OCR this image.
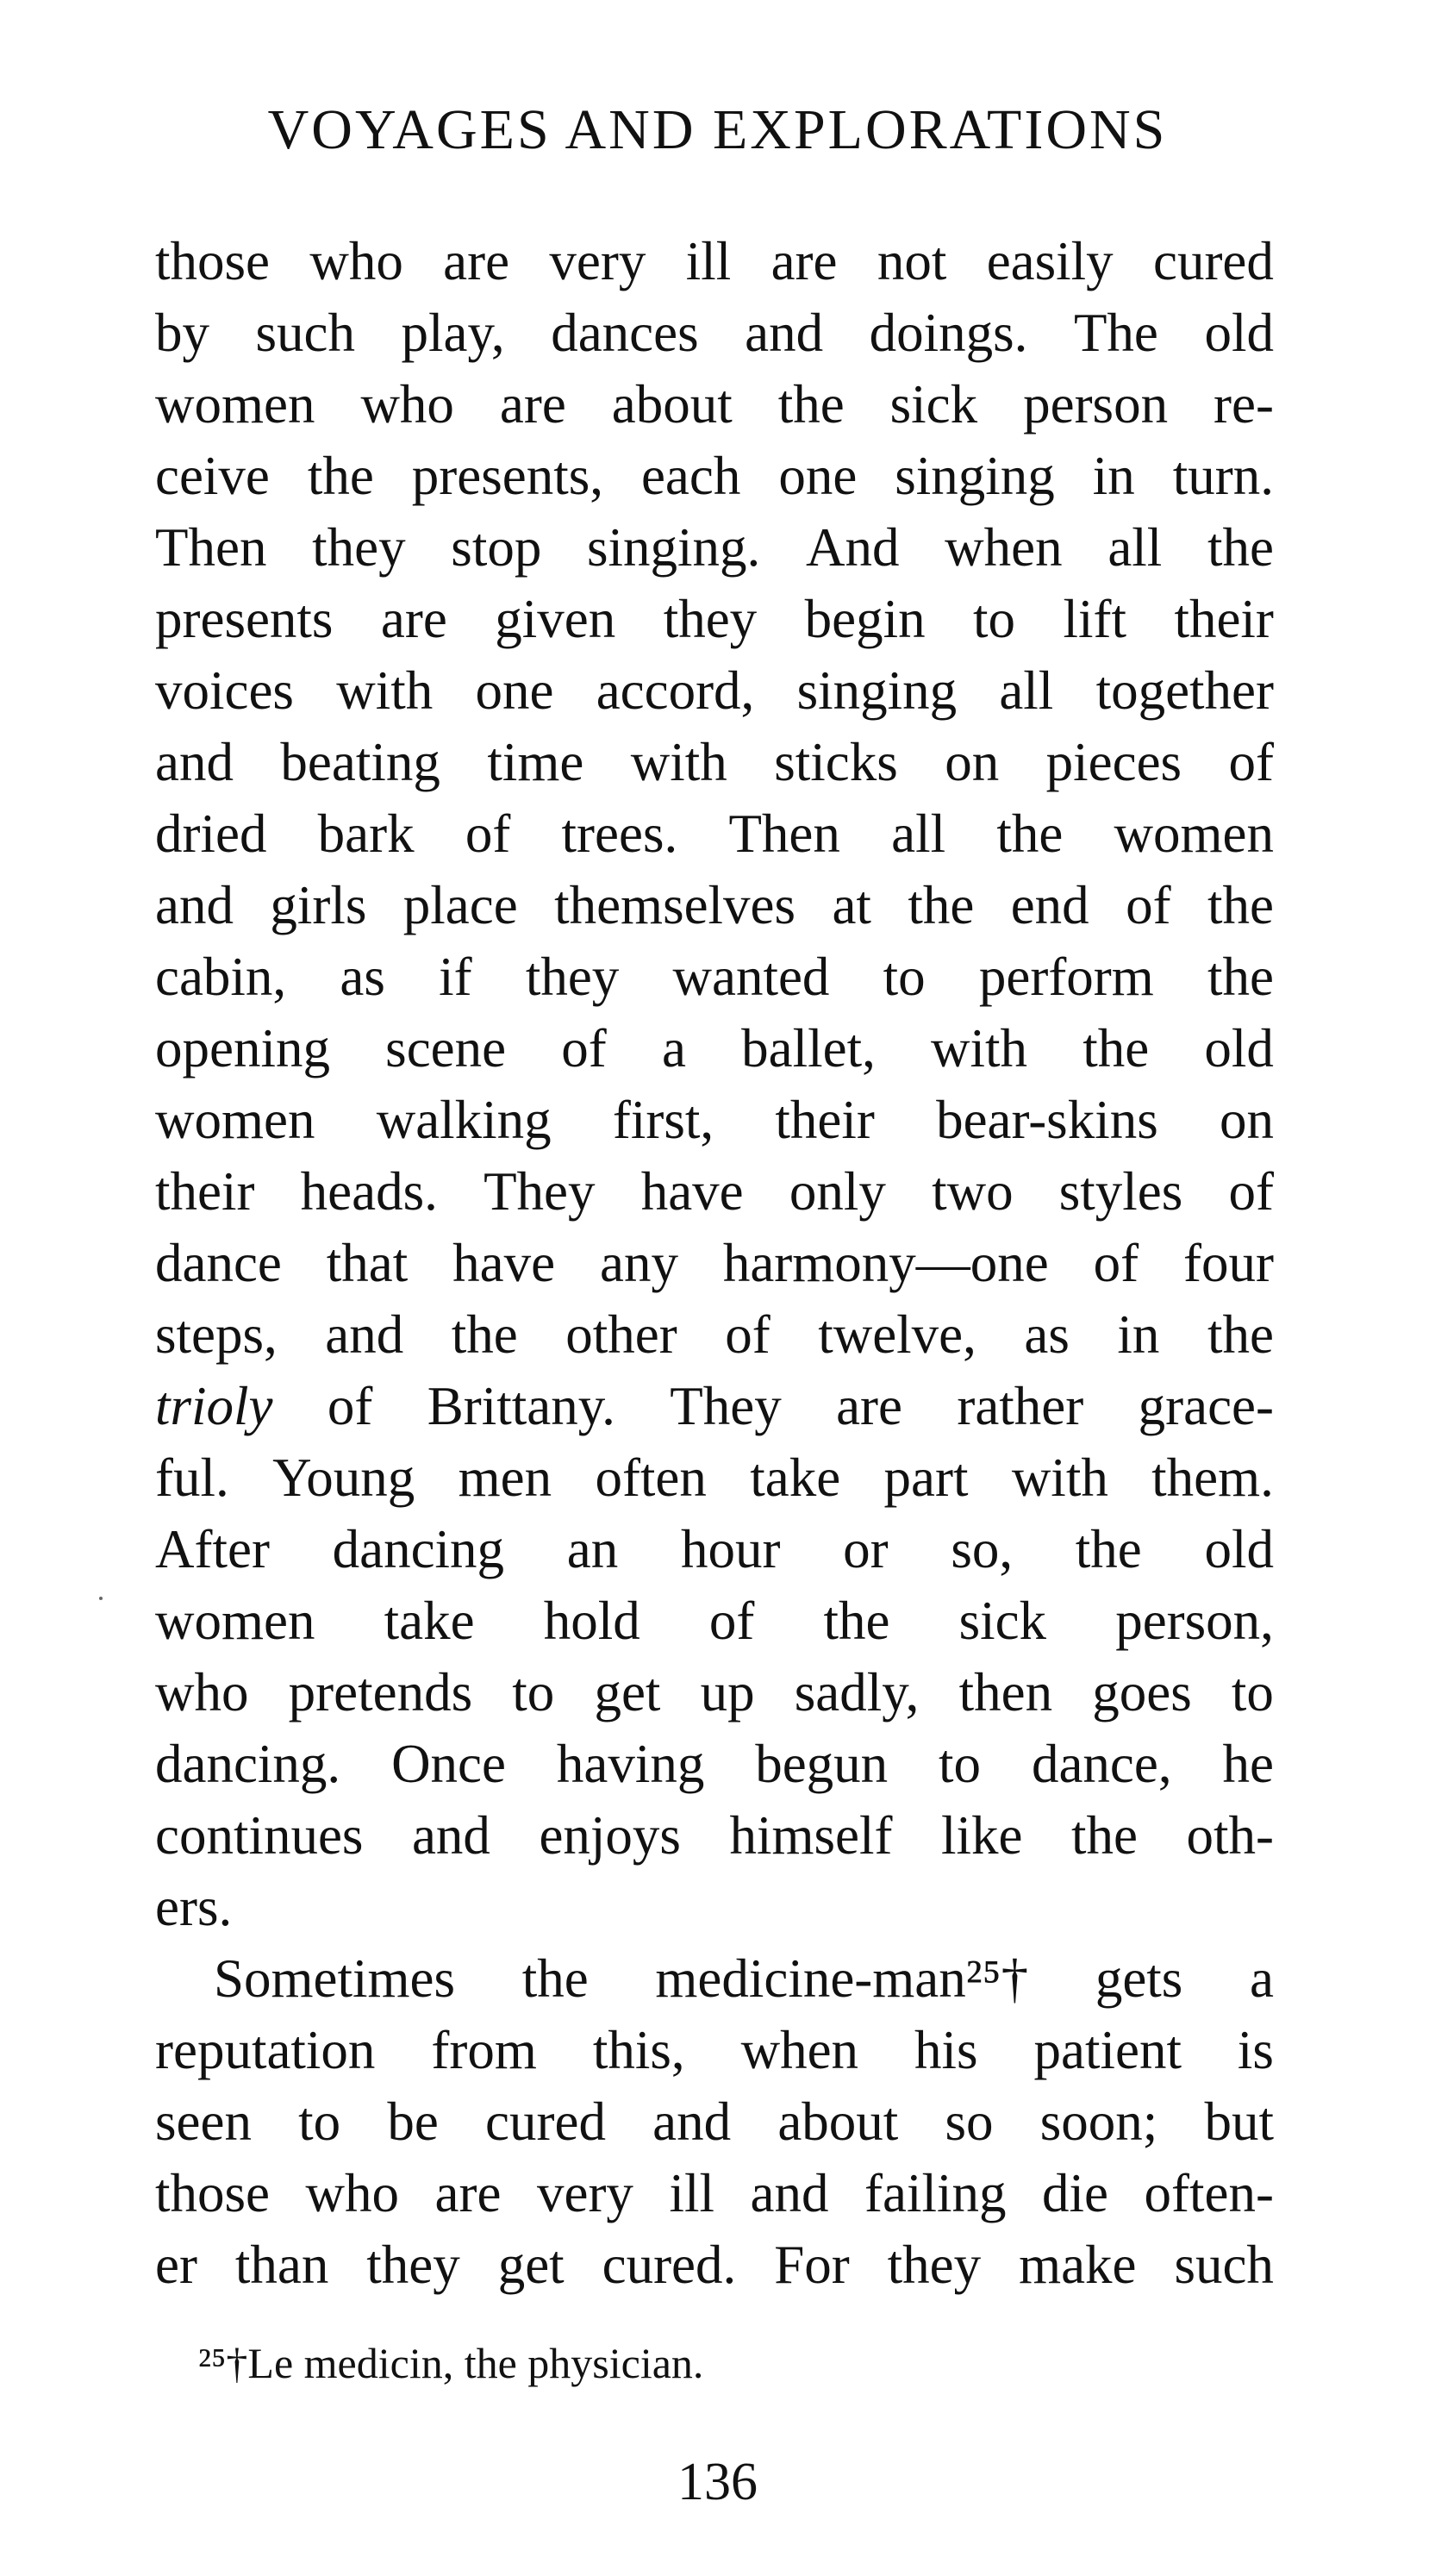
VOYAGES AND EXPLORATIONS
those who are very ill are not easily cured
by such play, dances and doings. The old
women who are about the sick person re-
ceive the presents, each one singing in turn.
Then they stop singing. And when all the
presents are given they begin to lift their
voices with one accord, singing all together
and beating time with sticks on pieces of
dried bark of trees. Then all the women
and girls place themselves at the end of the
cabin, as if they wanted to perform the
opening scene of a ballet, with the old
women walking first, their bear-skins on
their heads. They have only two styles of
dance that have any harmony—one of four
steps, and the other of twelve, as in the
trioly of Brittany. They are rather grace-
ful. Young men often take part with them.
After dancing an hour or so, the old
women take hold of the sick person,
who pretends to get up sadly, then goes to
dancing. Once having begun to dance, he
continues and enjoys himself like the oth-
ers.
Sometimes the medicine-man²⁵† gets a
reputation from this, when his patient is
seen to be cured and about so soon; but
those who are very ill and failing die often-
er than they get cured. For they make such
²⁵†Le medicin, the physician.
136
